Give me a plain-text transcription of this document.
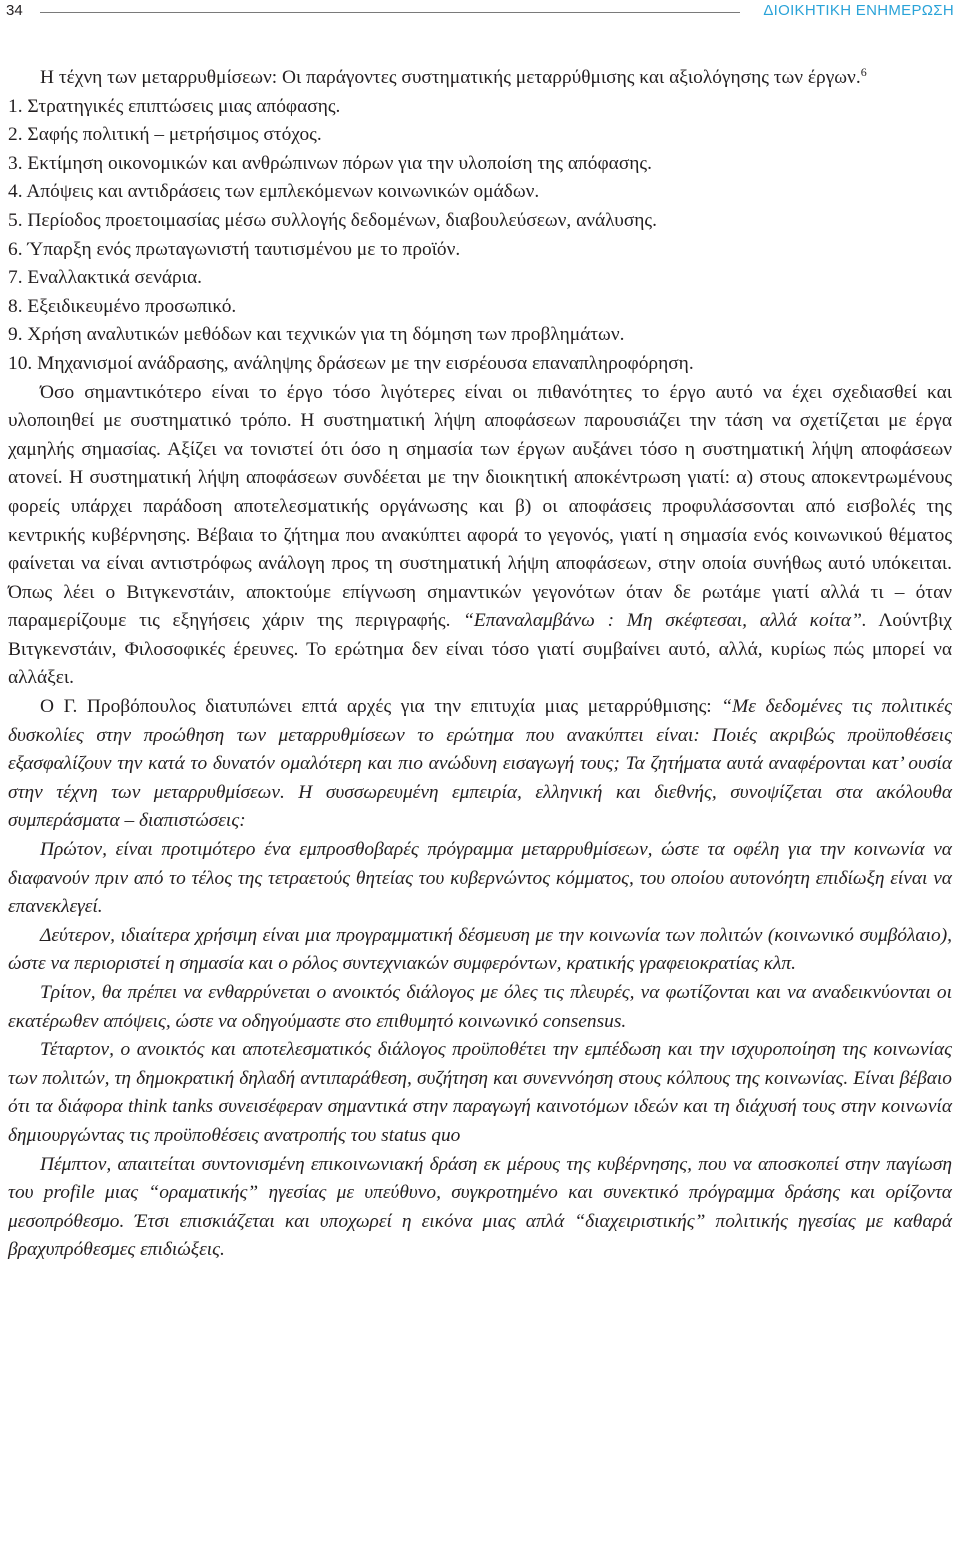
34	ΔΙΟΙΚΗΤΙΚΗ ΕΝΗΜΕΡΩΣΗ

Η τέχνη των μεταρρυθμίσεων: Οι παράγοντες συστηματικής μεταρρύθμισης και αξιολόγησης των έργων.$^6$

1. Στρατηγικές επιπτώσεις μιας απόφασης.
2. Σαφής πολιτική – μετρήσιμος στόχος.
3. Εκτίμηση οικονομικών και ανθρώπινων πόρων για την υλοποίση της απόφασης.
4. Απόψεις και αντιδράσεις των εμπλεκόμενων κοινωνικών ομάδων.
5. Περίοδος προετοιμασίας μέσω συλλογής δεδομένων, διαβουλεύσεων, ανάλυσης.
6. Ύπαρξη ενός πρωταγωνιστή ταυτισμένου με το προϊόν.
7. Εναλλακτικά σενάρια.
8. Εξειδικευμένο προσωπικό.
9. Χρήση αναλυτικών μεθόδων και τεχνικών για τη δόμηση των προβλημάτων.
10. Μηχανισμοί ανάδρασης, ανάληψης δράσεων με την εισρέουσα επαναπληροφόρηση.

Όσο σημαντικότερο είναι το έργο τόσο λιγότερες είναι οι πιθανότητες το έργο αυτό να έχει σχεδιασθεί και υλοποιηθεί με συστηματικό τρόπο. Η συστηματική λήψη αποφάσεων παρουσιάζει την τάση να σχετίζεται με έργα χαμηλής σημασίας. Αξίζει να τονιστεί ότι όσο η σημασία των έργων αυξάνει τόσο η συστηματική λήψη αποφάσεων ατονεί. Η συστηματική λήψη αποφάσεων συνδέεται με την διοικητική αποκέντρωση γιατί: α) στους αποκεντρωμένους φορείς υπάρχει παράδοση αποτελεσματικής οργάνωσης και β) οι αποφάσεις προφυλάσσονται από εισβολές της κεντρικής κυβέρνησης. Βέβαια το ζήτημα που ανακύπτει αφορά το γεγονός, γιατί η σημασία ενός κοινωνικού θέματος φαίνεται να είναι αντιστρόφως ανάλογη προς τη συστηματική λήψη αποφάσεων, στην οποία συνήθως αυτό υπόκειται. Όπως λέει ο Βιτγκενστάιν, αποκτούμε επίγνωση σημαντικών γεγονότων όταν δε ρωτάμε γιατί αλλά τι – όταν παραμερίζουμε τις εξηγήσεις χάριν της περιγραφής. “Επαναλαμβάνω : Μη σκέφτεσαι, αλλά κοίτα”. Λούντβιχ Βιτγκενστάιν, Φιλοσοφικές έρευνες. Το ερώτημα δεν είναι τόσο γιατί συμβαίνει αυτό, αλλά, κυρίως πώς μπορεί να αλλάξει.

Ο Γ. Προβόπουλος διατυπώνει επτά αρχές για την επιτυχία μιας μεταρρύθμισης: “Με δεδομένες τις πολιτικές δυσκολίες στην προώθηση των μεταρρυθμίσεων το ερώτημα που ανακύπτει είναι: Ποιές ακριβώς προϋποθέσεις εξασφαλίζουν την κατά το δυνατόν ομαλότερη και πιο ανώδυνη εισαγωγή τους; Τα ζητήματα αυτά αναφέρονται κατ’ ουσία στην τέχνη των μεταρρυθμίσεων. Η συσσωρευμένη εμπειρία, ελληνική και διεθνής, συνοψίζεται στα ακόλουθα συμπεράσματα – διαπιστώσεις:

Πρώτον, είναι προτιμότερο ένα εμπροσθοβαρές πρόγραμμα μεταρρυθμίσεων, ώστε τα οφέλη για την κοινωνία να διαφανούν πριν από το τέλος της τετραετούς θητείας του κυβερνώντος κόμματος, του οποίου αυτονόητη επιδίωξη είναι να επανεκλεγεί.

Δεύτερον, ιδιαίτερα χρήσιμη είναι μια προγραμματική δέσμευση με την κοινωνία των πολιτών (κοινωνικό συμβόλαιο), ώστε να περιοριστεί η σημασία και ο ρόλος συντεχνιακών συμφερόντων, κρατικής γραφειοκρατίας κλπ.

Τρίτον, θα πρέπει να ενθαρρύνεται ο ανοικτός διάλογος με όλες τις πλευρές, να φωτίζονται και να αναδεικνύονται οι εκατέρωθεν απόψεις, ώστε να οδηγούμαστε στο επιθυμητό κοινωνικό consensus.

Τέταρτον, ο ανοικτός και αποτελεσματικός διάλογος προϋποθέτει την εμπέδωση και την ισχυροποίηση της κοινωνίας των πολιτών, τη δημοκρατική δηλαδή αντιπαράθεση, συζήτηση και συνεννόηση στους κόλπους της κοινωνίας. Είναι βέβαιο ότι τα διάφορα think tanks συνεισέφεραν σημαντικά στην παραγωγή καινοτόμων ιδεών και τη διάχυσή τους στην κοινωνία δημιουργώντας τις προϋποθέσεις ανατροπής του status quo

Πέμπτον, απαιτείται συντονισμένη επικοινωνιακή δράση εκ μέρους της κυβέρνησης, που να αποσκοπεί στην παγίωση του profile μιας “οραματικής” ηγεσίας με υπεύθυνο, συγκροτημένο και συνεκτικό πρόγραμμα δράσης και ορίζοντα μεσοπρόθεσμο. Έτσι επισκιάζεται και υποχωρεί η εικόνα μιας απλά “διαχειριστικής” πολιτικής ηγεσίας με καθαρά βραχυπρόθεσμες επιδιώξεις.
